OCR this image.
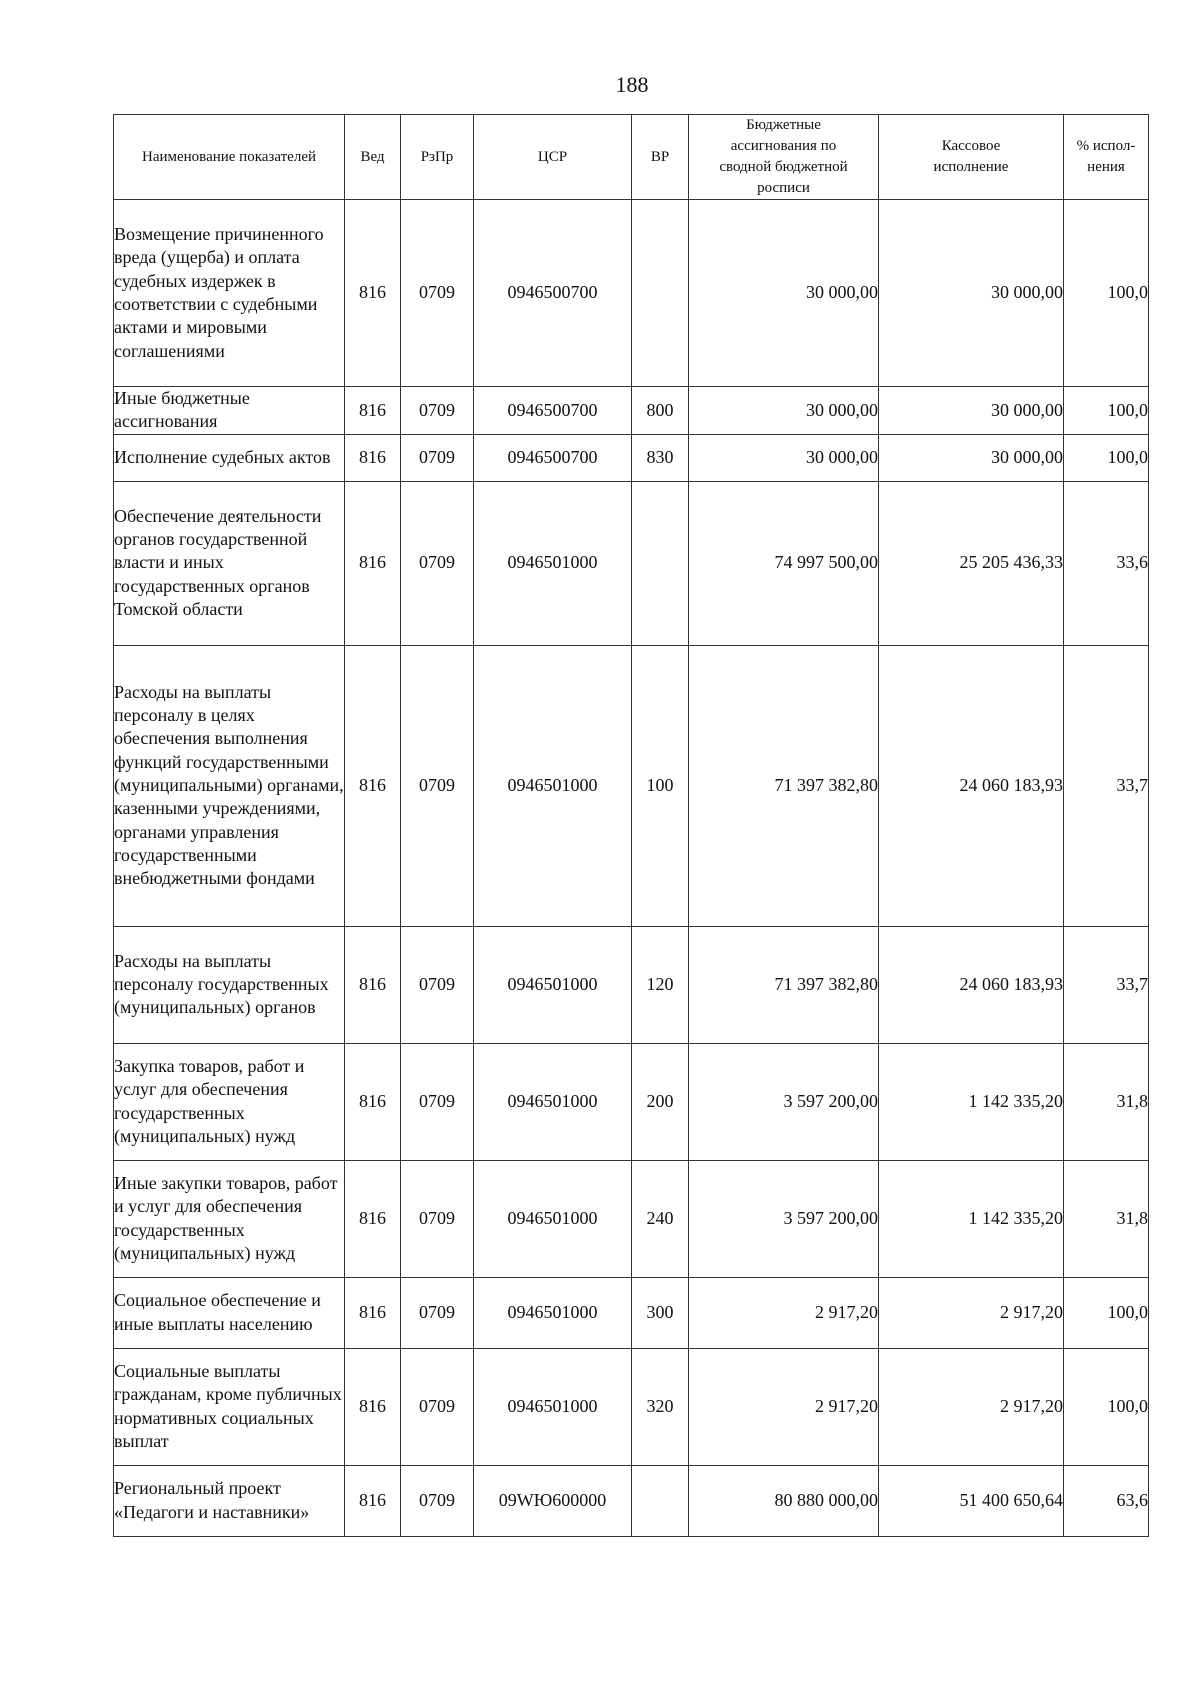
188
Наименование показателей	Вед	РзПр	ЦСР	ВР	Бюджетные ассигнования по сводной бюджетной росписи	Кассовое исполнение	% испол-нения
Возмещение причиненного вреда (ущерба) и оплата судебных издержек в соответствии с судебными актами и мировыми соглашениями	816	0709	0946500700		30 000,00	30 000,00	100,0
Иные бюджетные ассигнования	816	0709	0946500700	800	30 000,00	30 000,00	100,0
Исполнение судебных актов	816	0709	0946500700	830	30 000,00	30 000,00	100,0
Обеспечение деятельности органов государственной власти и иных государственных органов Томской области	816	0709	0946501000		74 997 500,00	25 205 436,33	33,6
Расходы на выплаты персоналу в целях обеспечения выполнения функций государственными (муниципальными) органами, казенными учреждениями, органами управления государственными внебюджетными фондами	816	0709	0946501000	100	71 397 382,80	24 060 183,93	33,7
Расходы на выплаты персоналу государственных (муниципальных) органов	816	0709	0946501000	120	71 397 382,80	24 060 183,93	33,7
Закупка товаров, работ и услуг для обеспечения государственных (муниципальных) нужд	816	0709	0946501000	200	3 597 200,00	1 142 335,20	31,8
Иные закупки товаров, работ и услуг для обеспечения государственных (муниципальных) нужд	816	0709	0946501000	240	3 597 200,00	1 142 335,20	31,8
Социальное обеспечение и иные выплаты населению	816	0709	0946501000	300	2 917,20	2 917,20	100,0
Социальные выплаты гражданам, кроме публичных нормативных социальных выплат	816	0709	0946501000	320	2 917,20	2 917,20	100,0
Региональный проект «Педагоги и наставники»	816	0709	09WЮ600000		80 880 000,00	51 400 650,64	63,6
